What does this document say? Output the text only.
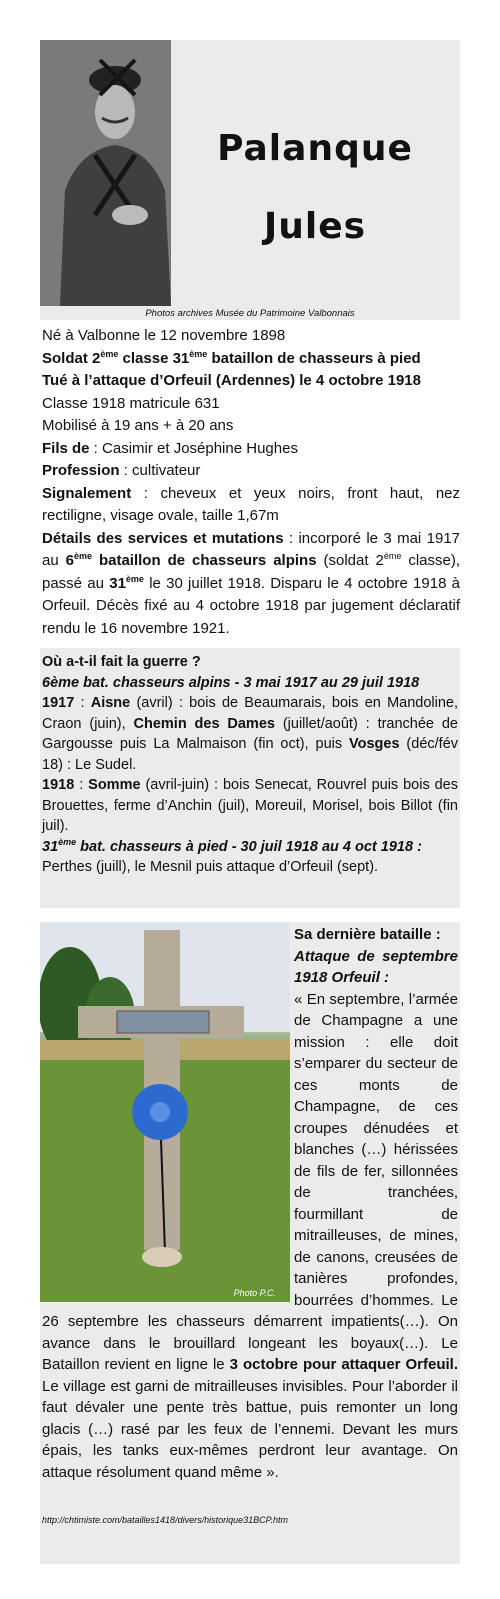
Palanque
Jules
Photos archives Musée du Patrimoine Valbonnais

Né à Valbonne le 12 novembre 1898

Soldat 2ème classe 31ème bataillon de chasseurs à pied

Tué à l’attaque d’Orfeuil (Ardennes) le 4 octobre 1918

Classe 1918 matricule 631

Mobilisé à 19 ans + à 20 ans

Fils de : Casimir et Joséphine Hughes

Profession : cultivateur

Signalement : cheveux et yeux noirs, front haut, nez rectiligne, visage ovale, taille 1,67m

Détails des services et mutations : incorporé le 3 mai 1917 au 6ème bataillon de chasseurs alpins (soldat 2ème classe), passé au 31ème le 30 juillet 1918. Disparu le 4 octobre 1918 à Orfeuil. Décès fixé au 4 octobre 1918 par jugement déclaratif rendu le 16 novembre 1921.

Où a-t-il fait la guerre ?

6ème bat. chasseurs alpins - 3 mai 1917 au 29 juil 1918

1917 : Aisne (avril) : bois de Beaumarais, bois en Mandoline, Craon (juin), Chemin des Dames (juillet/août) : tranchée de Gargousse puis La Malmaison (fin oct), puis Vosges (déc/fév 18) : Le Sudel.

1918 : Somme (avril-juin) : bois Senecat, Rouvrel puis bois des Brouettes, ferme d’Anchin (juil), Moreuil, Morisel, bois Billot (fin juil).

31ème bat. chasseurs à pied - 30 juil 1918 au 4 oct 1918 :

Perthes (juill), le Mesnil puis attaque d’Orfeuil (sept).

Photo P.C.

Sa dernière bataille :

Attaque de septembre 1918 Orfeuil :

« En septembre, l’armée de Champagne a une mission : elle doit s’emparer du secteur de ces monts de Champagne, de ces croupes dénudées et blanches (…) hérissées de fils de fer, sillonnées de tranchées, fourmillant de mitrailleuses, de mines, de canons, creusées de tanières profondes, bourrées d’hommes. Le 26 septembre les chasseurs démarrent impatients(…). On avance dans le brouillard longeant les boyaux(…). Le Bataillon revient en ligne le 3 octobre pour attaquer Orfeuil. Le village est garni de mitrailleuses invisibles. Pour l’aborder il faut dévaler une pente très battue, puis remonter un long glacis (…) rasé par les feux de l’ennemi. Devant les murs épais, les tanks eux-mêmes perdront leur avantage. On attaque résolument quand même ».

http://chtimiste.com/batailles1418/divers/historique31BCP.htm
